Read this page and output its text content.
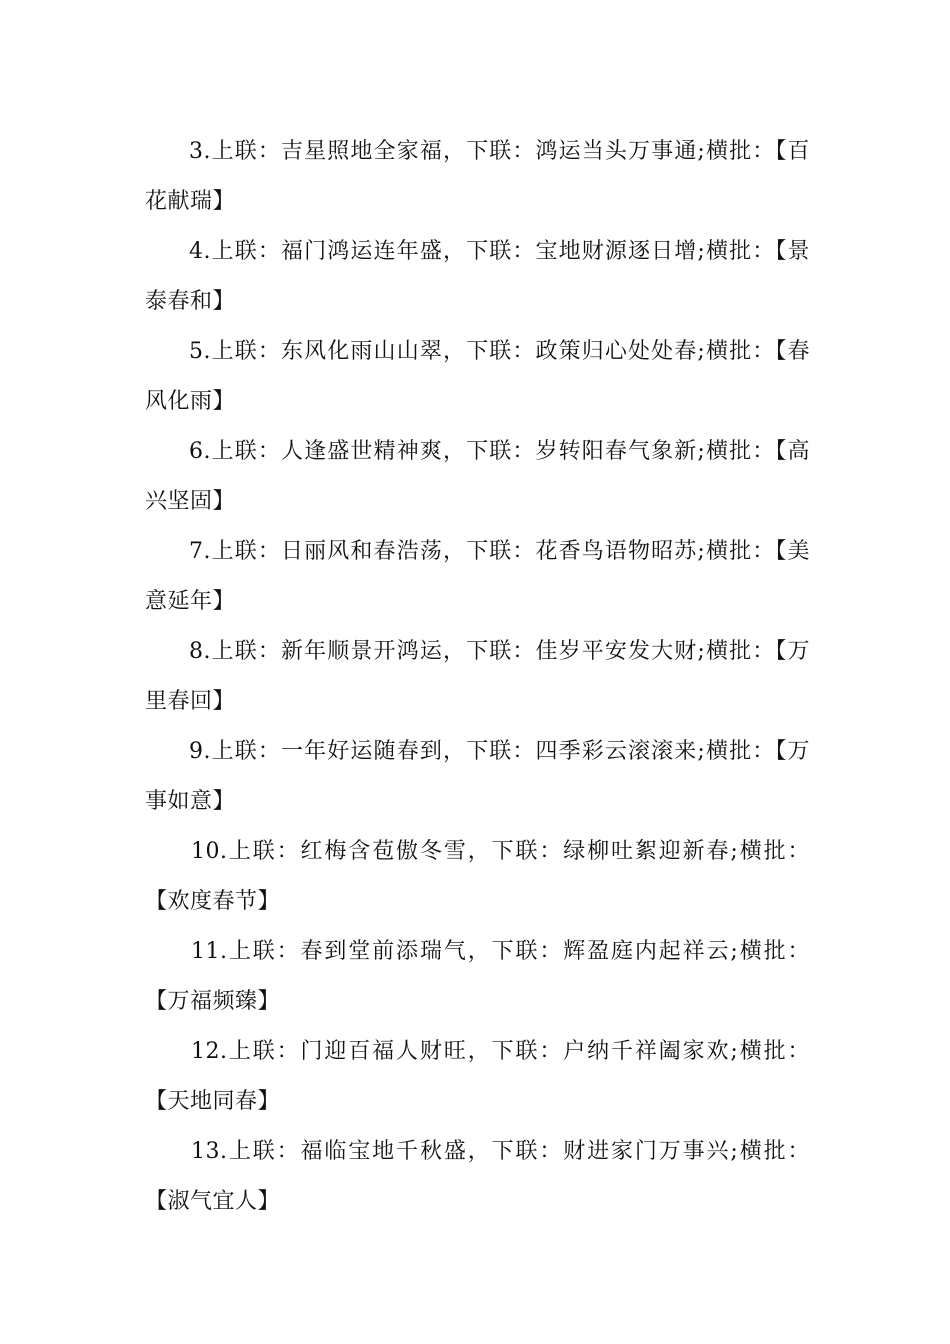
3.上联：吉星照地全家福，下联：鸿运当头万事通;横批：【百
花献瑞】

4.上联：福门鸿运连年盛，下联：宝地财源逐日增;横批：【景
泰春和】

5.上联：东风化雨山山翠，下联：政策归心处处春;横批：【春
风化雨】

6.上联：人逢盛世精神爽，下联：岁转阳春气象新;横批：【高
兴坚固】

7.上联：日丽风和春浩荡，下联：花香鸟语物昭苏;横批：【美
意延年】

8.上联：新年顺景开鸿运，下联：佳岁平安发大财;横批：【万
里春回】

9.上联：一年好运随春到，下联：四季彩云滚滚来;横批：【万
事如意】

10.上联：红梅含苞傲冬雪，下联：绿柳吐絮迎新春;横批：
【欢度春节】

11.上联：春到堂前添瑞气，下联：辉盈庭内起祥云;横批：
【万福频臻】

12.上联：门迎百福人财旺，下联：户纳千祥阖家欢;横批：
【天地同春】

13.上联：福临宝地千秋盛，下联：财进家门万事兴;横批：
【淑气宜人】
